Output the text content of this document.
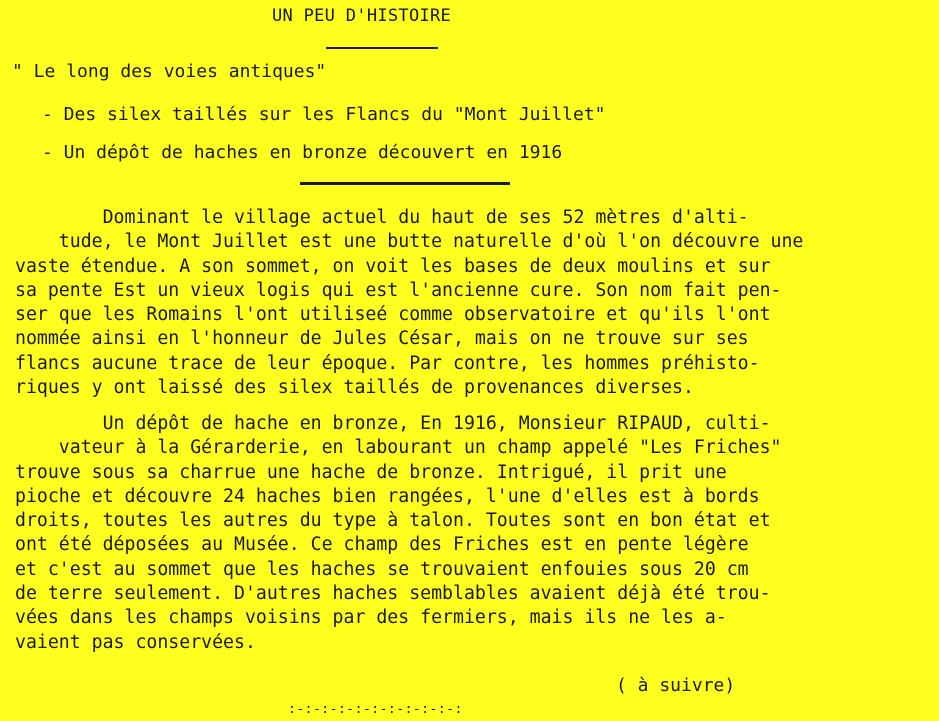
UN PEU D'HISTOIRE
" Le long des voies antiques"
- Des silex taillés sur les Flancs du "Mont Juillet"
- Un dépôt de haches en bronze découvert en 1916
Dominant le village actuel du haut de ses 52 mètres d'alti-
tude, le Mont Juillet est une butte naturelle d'où l'on découvre une
vaste étendue. A son sommet, on voit les bases de deux moulins et sur
sa pente Est un vieux logis qui est l'ancienne cure. Son nom fait pen-
ser que les Romains l'ont utiliseé comme observatoire et qu'ils l'ont
nommée ainsi en l'honneur de Jules César, mais on ne trouve sur ses
flancs aucune trace de leur époque. Par contre, les hommes préhisto-
riques y ont laissé des silex taillés de provenances diverses.
Un dépôt de hache en bronze, En 1916, Monsieur RIPAUD, culti-
vateur à la Gérarderie, en labourant un champ appelé "Les Friches"
trouve sous sa charrue une hache de bronze. Intrigué, il prit une
pioche et découvre 24 haches bien rangées, l'une d'elles est à bords
droits, toutes les autres du type à talon. Toutes sont en bon état et
ont été déposées au Musée. Ce champ des Friches est en pente légère
et c'est au sommet que les haches se trouvaient enfouies sous 20 cm
de terre seulement. D'autres haches semblables avaient déjà été trou-
vées dans les champs voisins par des fermiers, mais ils ne les a-
vaient pas conservées.
( à suivre)
:-:-:-:-:-:-:-:-:-:-:
